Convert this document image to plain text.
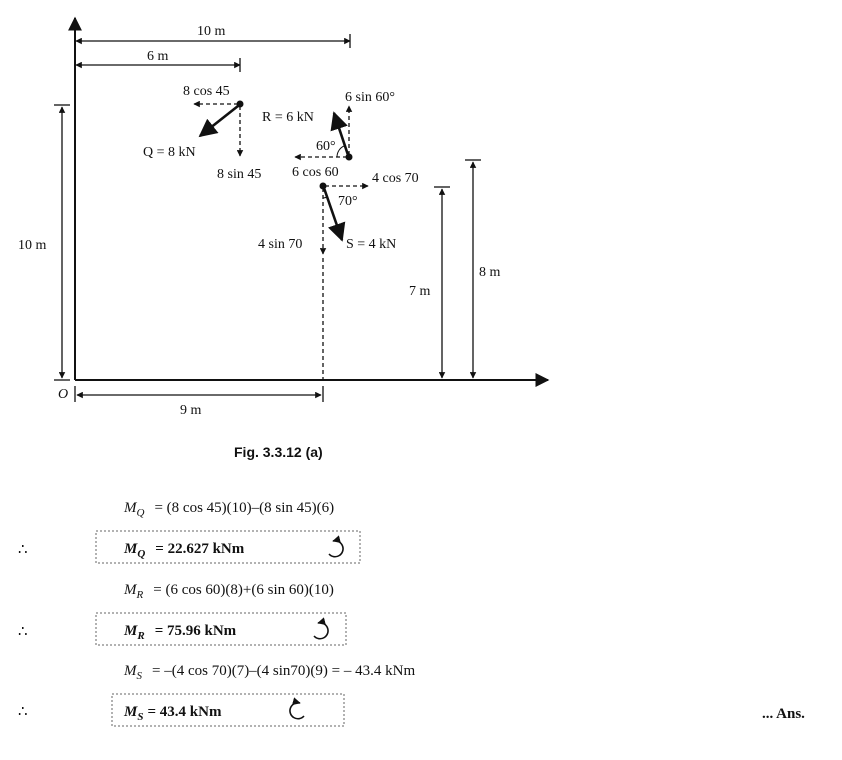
10 m
6 m
10 m
7 m
8 m
9 m
O
8 cos 45
8 sin 45
Q = 8 kN
6 sin 60°
R = 6 kN
60°
6 cos 60 4 cos 70
70°
4 sin 70	S = 4 kN
Fig. 3.3.12 (a)
$M_Q = (8$ cos 45)(10)–(8 sin 45)(6)
∴	$M_Q = 22.627$ kNm
$M_R = (6$ cos 60)(8)+(6 sin 60)(10)
∴	$M_R = 75.96$ kNm
$M_S = -(4$ cos 70)(7)–(4 sin70)(9) = – 43.4 kNm
∴	$M_S = 43.4$ kNm	... Ans.
